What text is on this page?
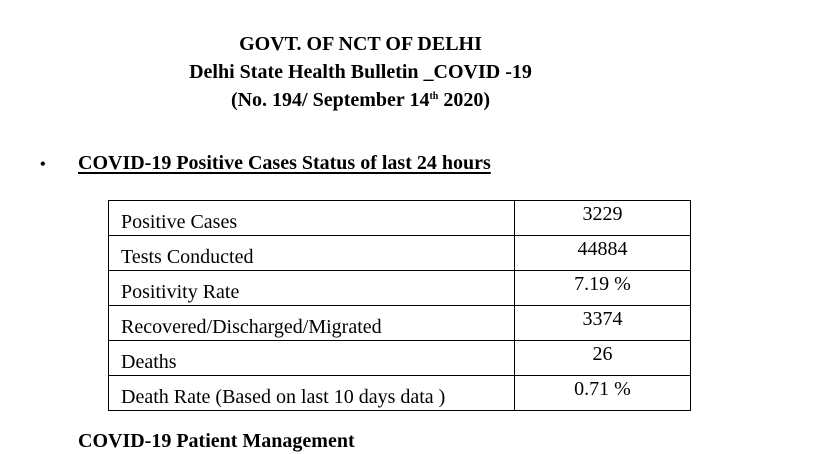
GOVT. OF NCT OF DELHI
Delhi State Health Bulletin _COVID -19
(No. 194/ September 14th 2020)
• COVID-19 Positive Cases Status of last 24 hours
Positive Cases	3229
Tests Conducted	44884
Positivity Rate	7.19 %
Recovered/Discharged/Migrated	3374
Deaths	26
Death Rate (Based on last 10 days data )	0.71 %
COVID-19 Patient Management
